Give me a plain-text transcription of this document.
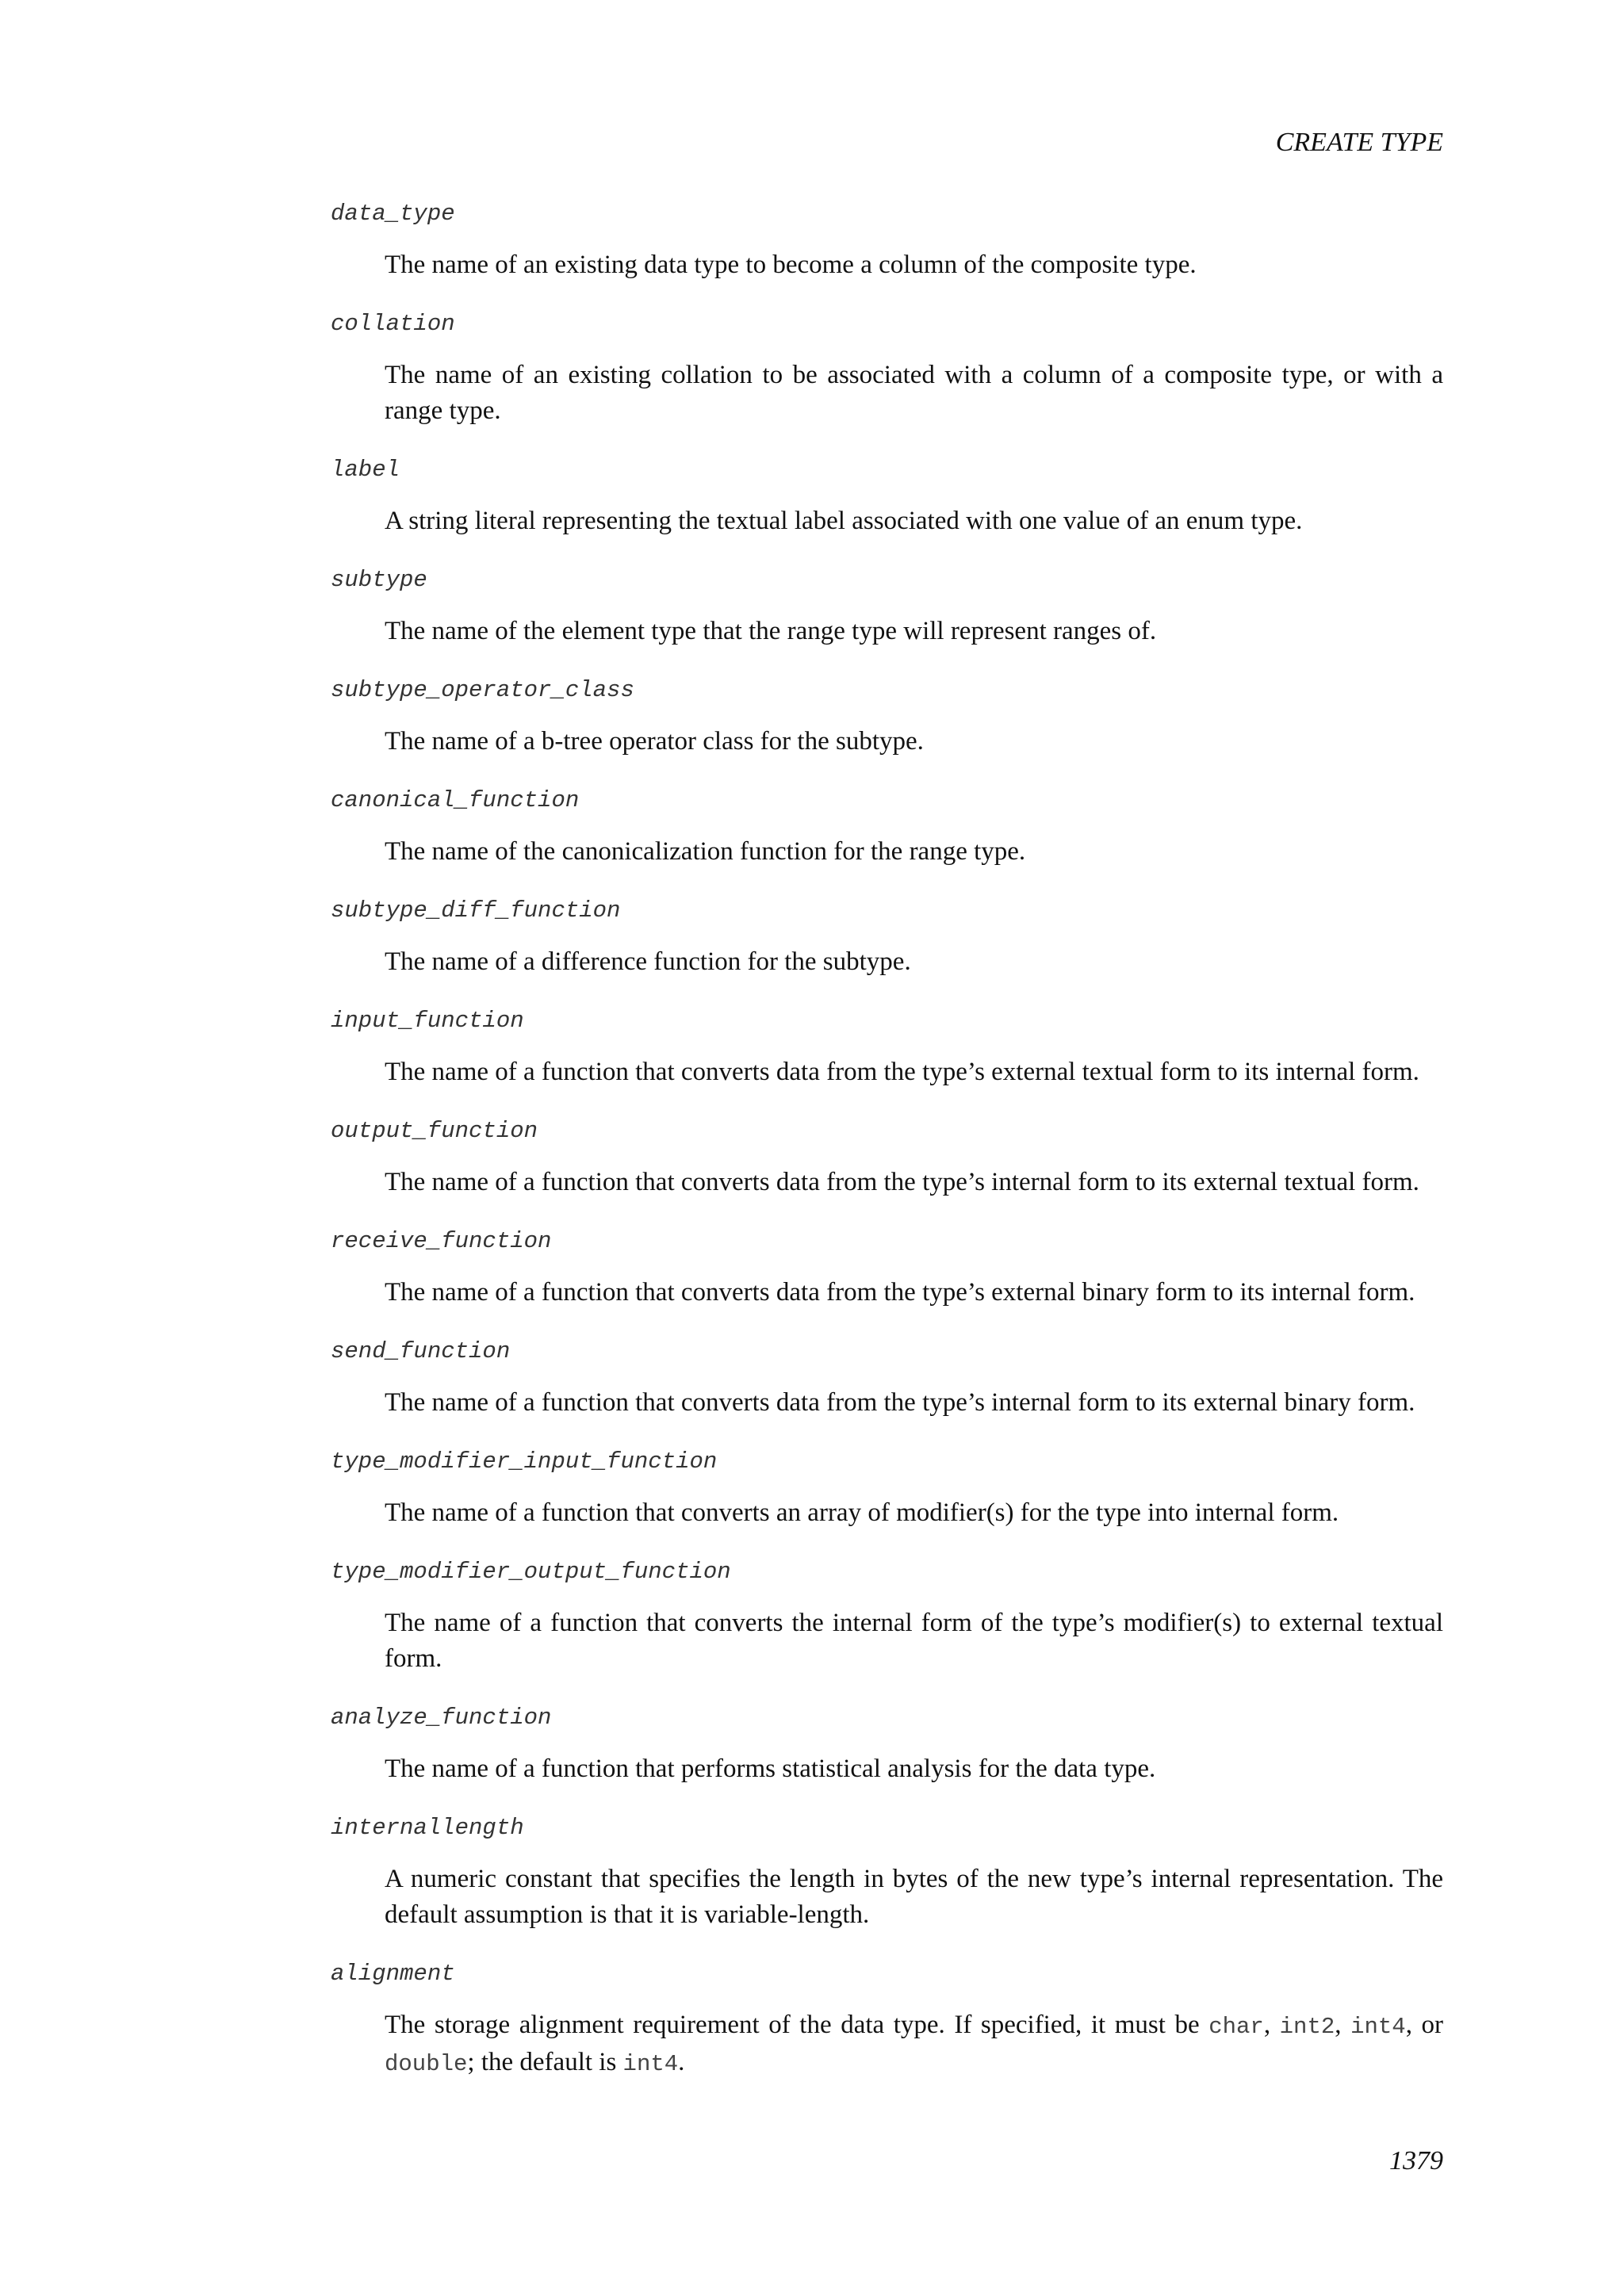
CREATE TYPE
data_type
The name of an existing data type to become a column of the composite type.
collation
The name of an existing collation to be associated with a column of a composite type, or with a range type.
label
A string literal representing the textual label associated with one value of an enum type.
subtype
The name of the element type that the range type will represent ranges of.
subtype_operator_class
The name of a b-tree operator class for the subtype.
canonical_function
The name of the canonicalization function for the range type.
subtype_diff_function
The name of a difference function for the subtype.
input_function
The name of a function that converts data from the type’s external textual form to its internal form.
output_function
The name of a function that converts data from the type’s internal form to its external textual form.
receive_function
The name of a function that converts data from the type’s external binary form to its internal form.
send_function
The name of a function that converts data from the type’s internal form to its external binary form.
type_modifier_input_function
The name of a function that converts an array of modifier(s) for the type into internal form.
type_modifier_output_function
The name of a function that converts the internal form of the type’s modifier(s) to external textual form.
analyze_function
The name of a function that performs statistical analysis for the data type.
internallength
A numeric constant that specifies the length in bytes of the new type’s internal representation. The default assumption is that it is variable-length.
alignment
The storage alignment requirement of the data type. If specified, it must be char, int2, int4, or double; the default is int4.
1379
